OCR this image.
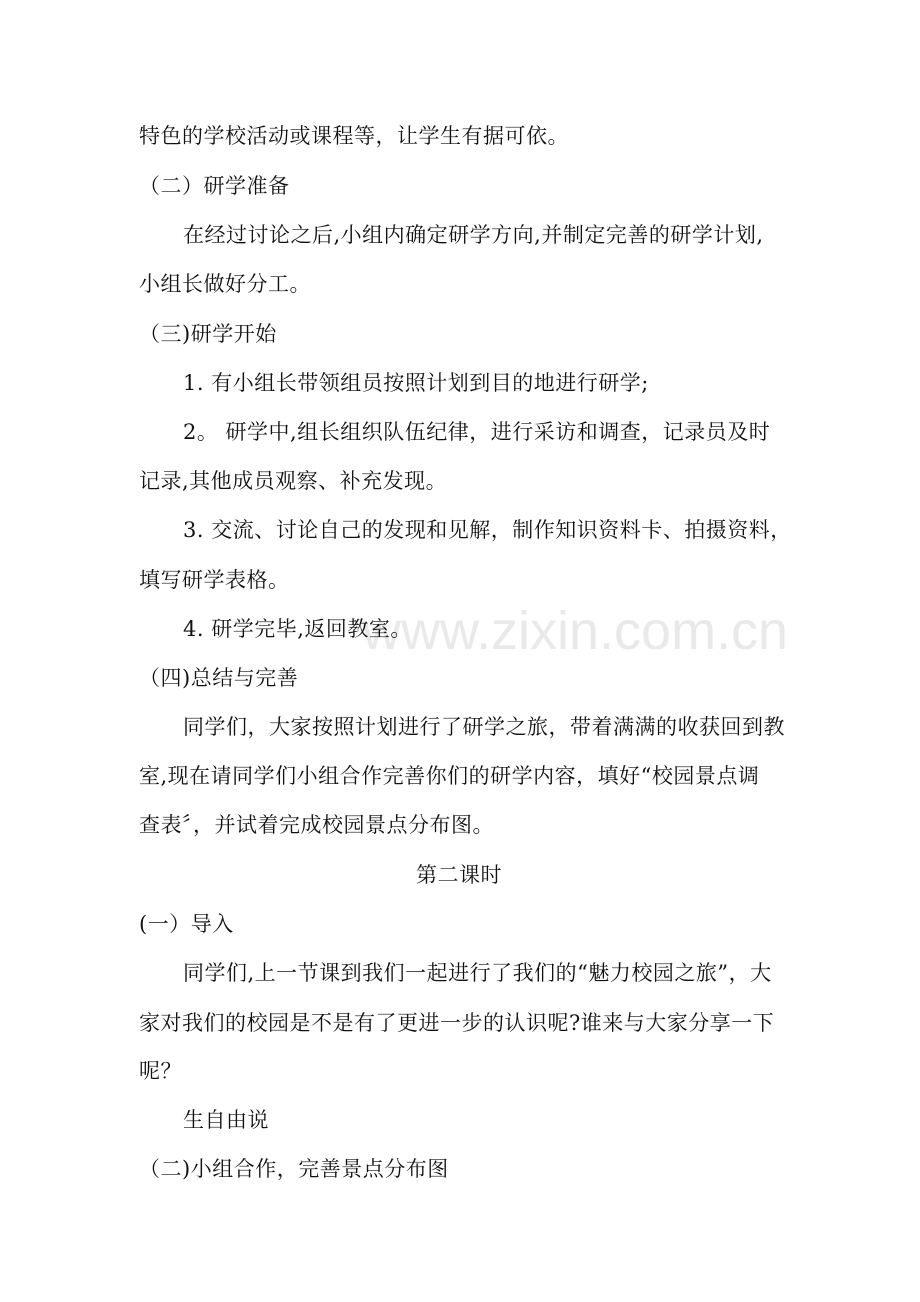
www.zixin.com.cn
特色的学校活动或课程等，让学生有据可依。
（二）研学准备
在经过讨论之后,小组内确定研学方向,并制定完善的研学计划,
小组长做好分工。
（三)研学开始
1. 有小组长带领组员按照计划到目的地进行研学;
2。 研学中,组长组织队伍纪律，进行采访和调查，记录员及时
记录,其他成员观察、补充发现。
3. 交流、讨论自己的发现和见解，制作知识资料卡、拍摄资料，
填写研学表格。
4. 研学完毕,返回教室。
（四)总结与完善
同学们，大家按照计划进行了研学之旅，带着满满的收获回到教
室,现在请同学们小组合作完善你们的研学内容，填好“校园景点调
查表〞，并试着完成校园景点分布图。
第二课时
(一）导入
同学们,上一节课到我们一起进行了我们的“魅力校园之旅”，大
家对我们的校园是不是有了更进一步的认识呢?谁来与大家分享一下
呢？
生自由说
（二)小组合作，完善景点分布图
